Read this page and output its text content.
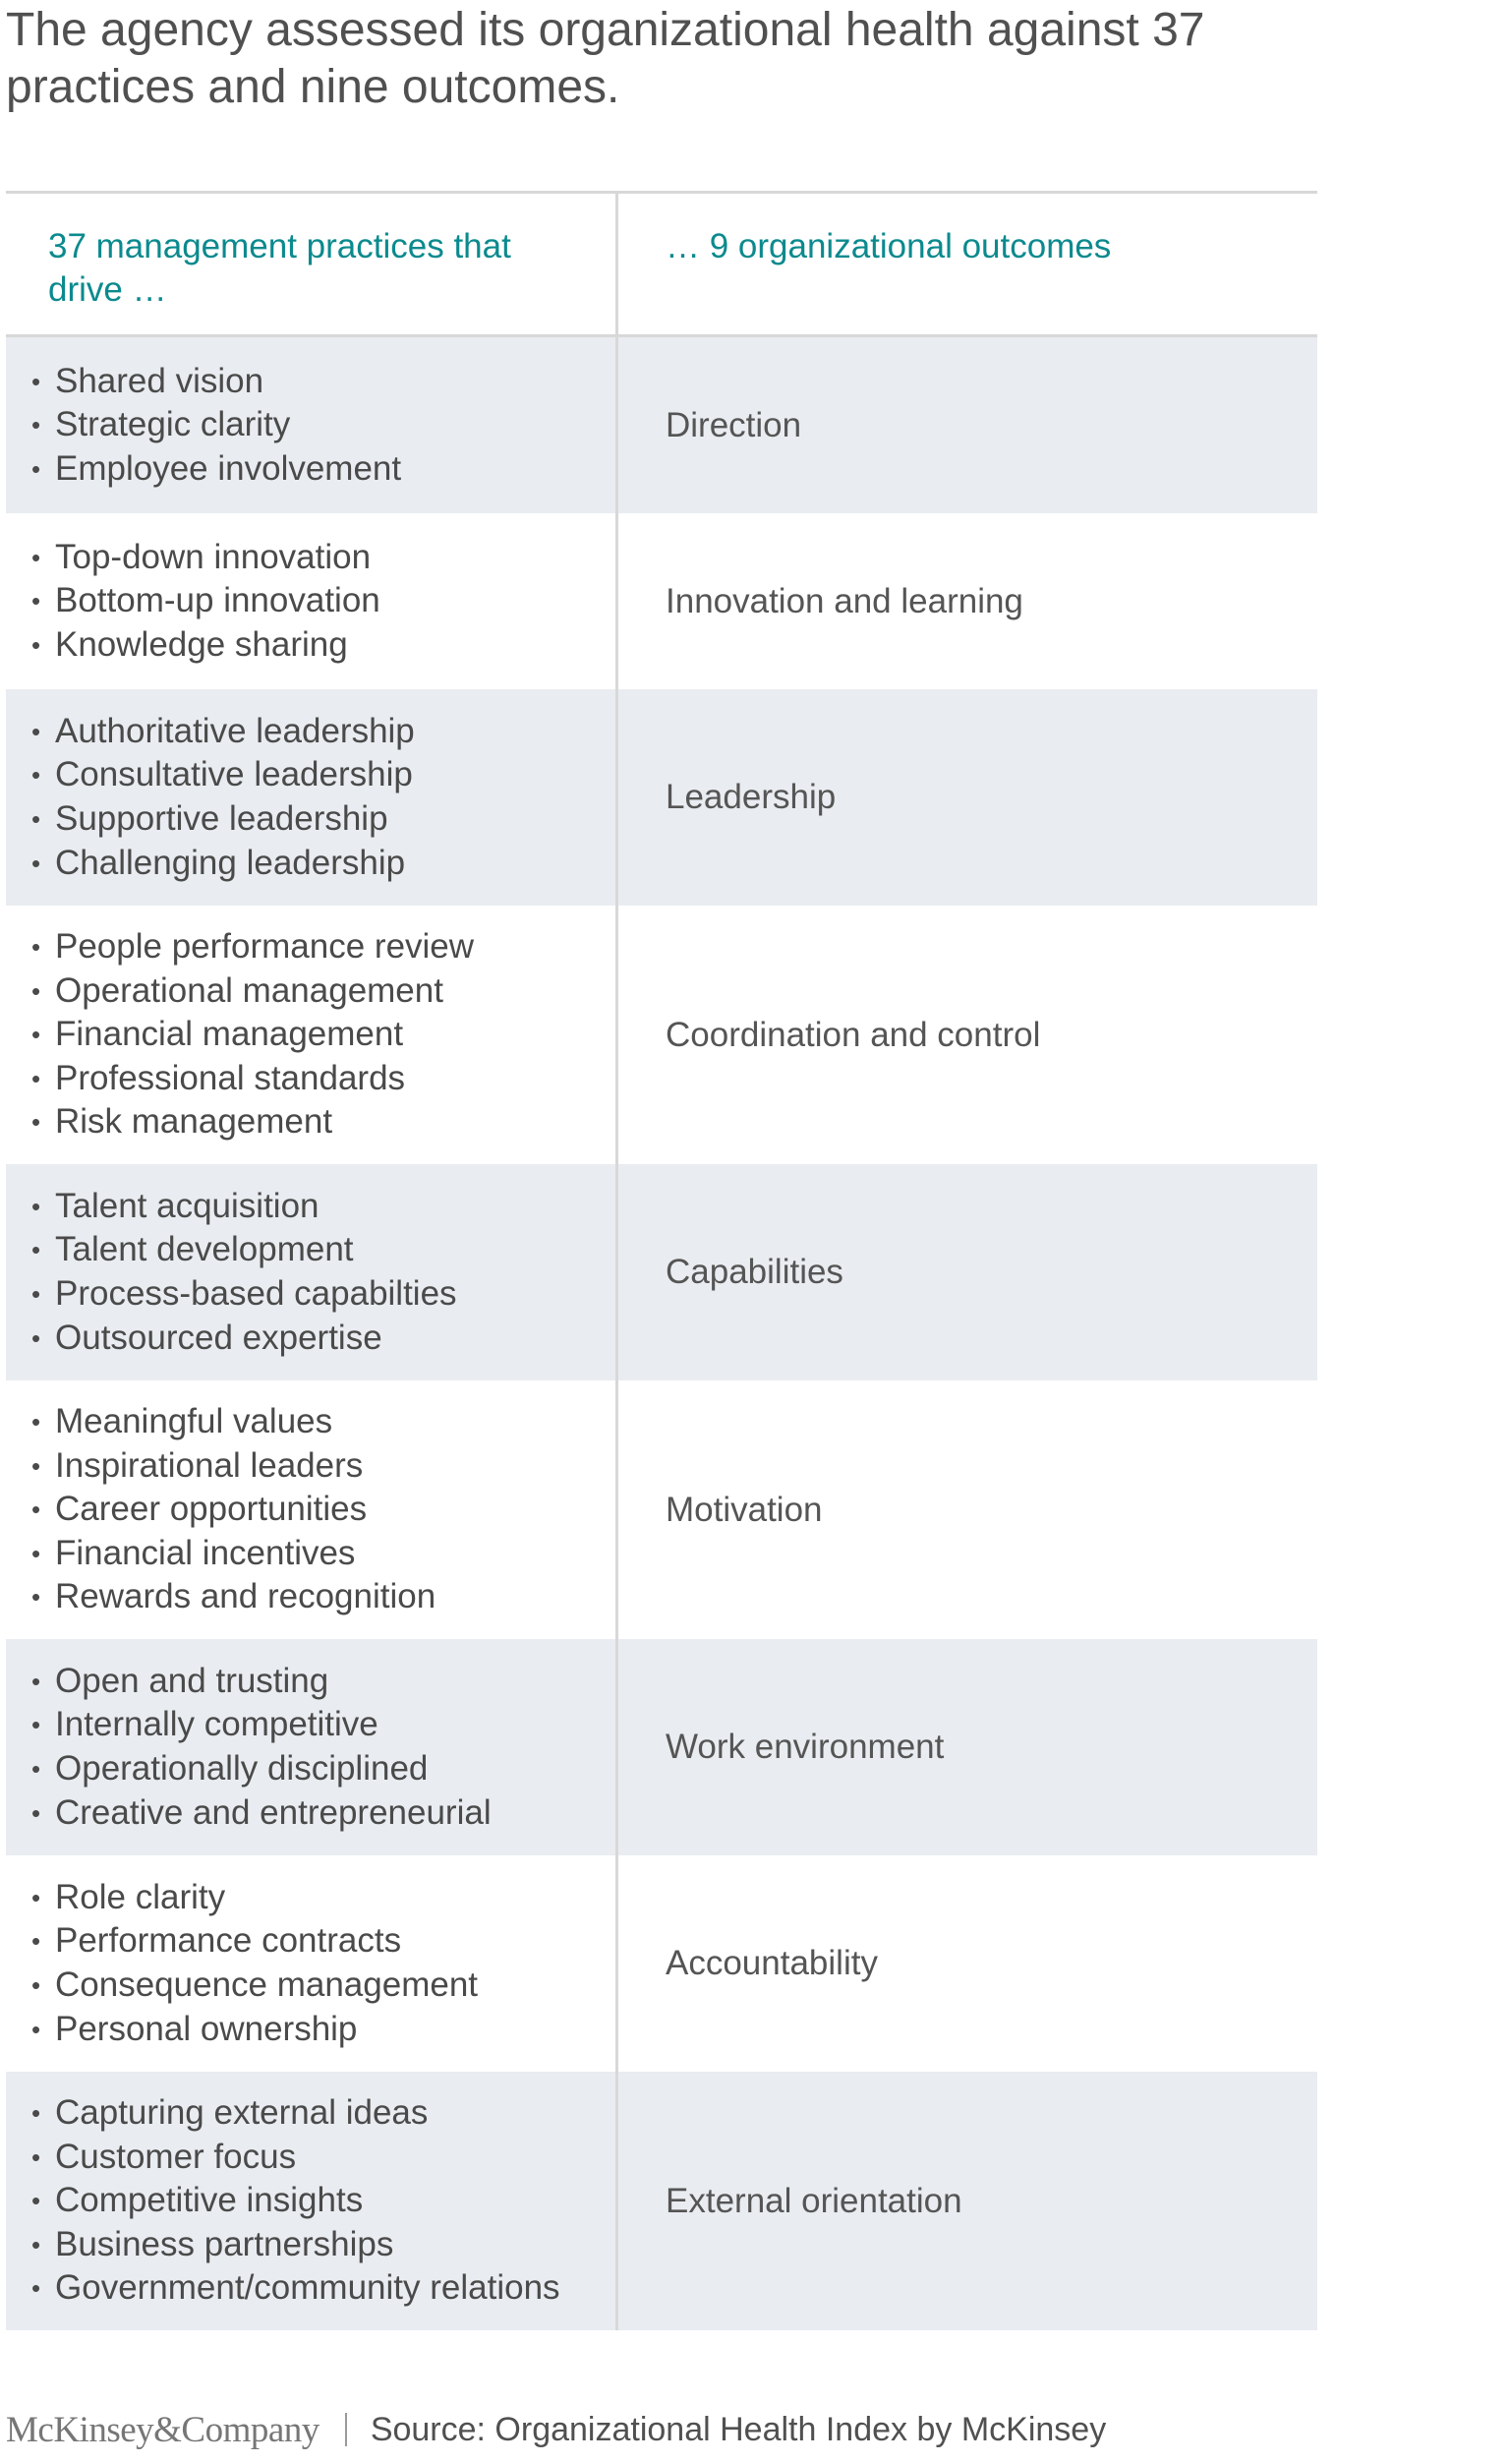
The agency assessed its organizational health against 37 practices and nine outcomes.

37 management practices that drive …

… 9 organizational outcomes

• Shared vision
• Strategic clarity
• Employee involvement

Direction

• Top-down innovation
• Bottom-up innovation
• Knowledge sharing

Innovation and learning

• Authoritative leadership
• Consultative leadership
• Supportive leadership
• Challenging leadership

Leadership

• People performance review
• Operational management
• Financial management
• Professional standards
• Risk management

Coordination and control

• Talent acquisition
• Talent development
• Process-based capabilties
• Outsourced expertise

Capabilities

• Meaningful values
• Inspirational leaders
• Career opportunities
• Financial incentives
• Rewards and recognition

Motivation

• Open and trusting
• Internally competitive
• Operationally disciplined
• Creative and entrepreneurial

Work environment

• Role clarity
• Performance contracts
• Consequence management
• Personal ownership

Accountability

• Capturing external ideas
• Customer focus
• Competitive insights
• Business partnerships
• Government/community relations

External orientation

McKinsey&Company Source: Organizational Health Index by McKinsey
